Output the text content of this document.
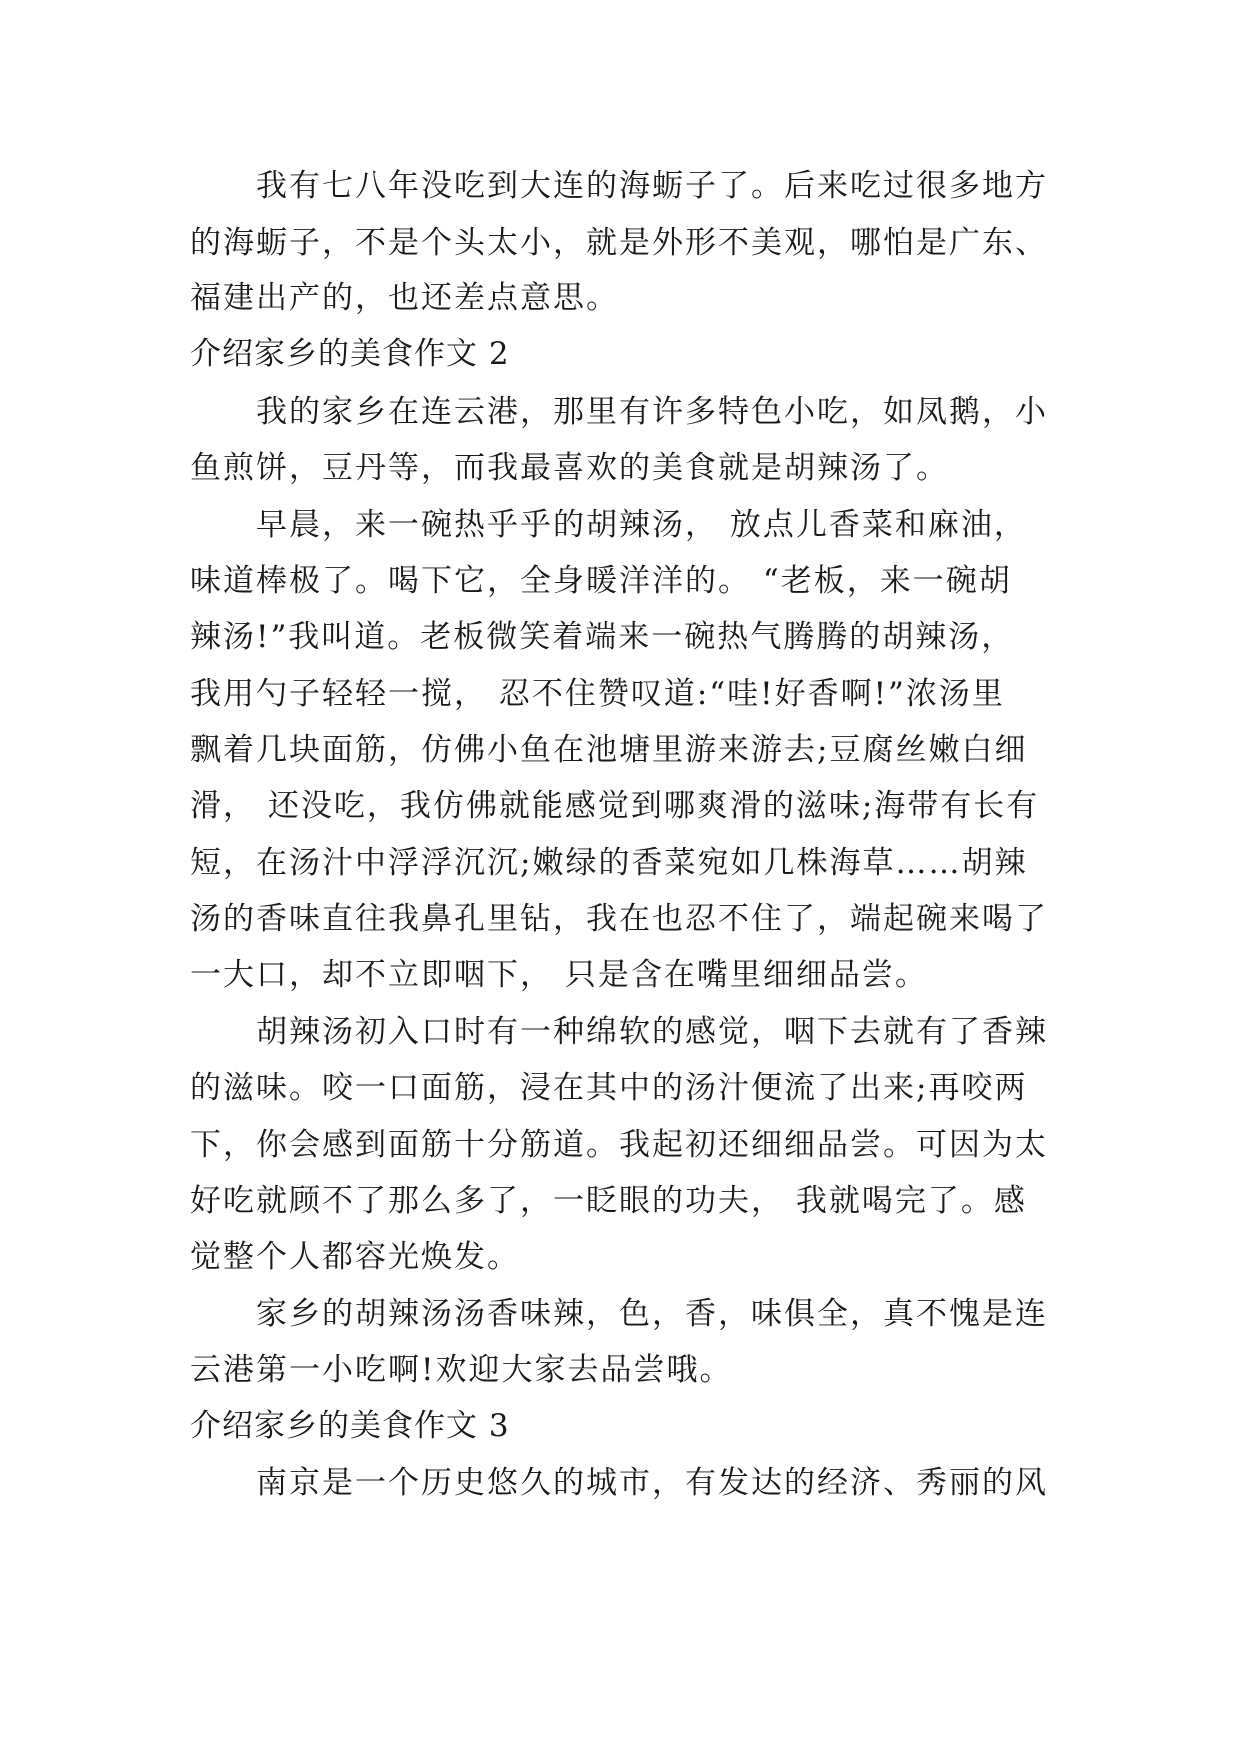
我有七八年没吃到大连的海蛎子了。后来吃过很多地方

的海蛎子，不是个头太小，就是外形不美观，哪怕是广东、

福建出产的，也还差点意思。

介绍家乡的美食作文 2

我的家乡在连云港，那里有许多特色小吃，如凤鹅，小

鱼煎饼，豆丹等，而我最喜欢的美食就是胡辣汤了。

早晨，来一碗热乎乎的胡辣汤， 放点儿香菜和麻油，

味道棒极了。喝下它，全身暖洋洋的。 “老板，来一碗胡

辣汤!”我叫道。老板微笑着端来一碗热气腾腾的胡辣汤，

我用勺子轻轻一搅， 忍不住赞叹道:“哇!好香啊!”浓汤里

飘着几块面筋，仿佛小鱼在池塘里游来游去;豆腐丝嫩白细

滑， 还没吃，我仿佛就能感觉到哪爽滑的滋味;海带有长有

短，在汤汁中浮浮沉沉;嫩绿的香菜宛如几株海草……胡辣

汤的香味直往我鼻孔里钻，我在也忍不住了，端起碗来喝了

一大口，却不立即咽下， 只是含在嘴里细细品尝。

胡辣汤初入口时有一种绵软的感觉，咽下去就有了香辣

的滋味。咬一口面筋，浸在其中的汤汁便流了出来;再咬两

下，你会感到面筋十分筋道。我起初还细细品尝。可因为太

好吃就顾不了那么多了，一眨眼的功夫， 我就喝完了。感

觉整个人都容光焕发。

家乡的胡辣汤汤香味辣，色，香，味俱全，真不愧是连

云港第一小吃啊!欢迎大家去品尝哦。

介绍家乡的美食作文 3

南京是一个历史悠久的城市，有发达的经济、秀丽的风
